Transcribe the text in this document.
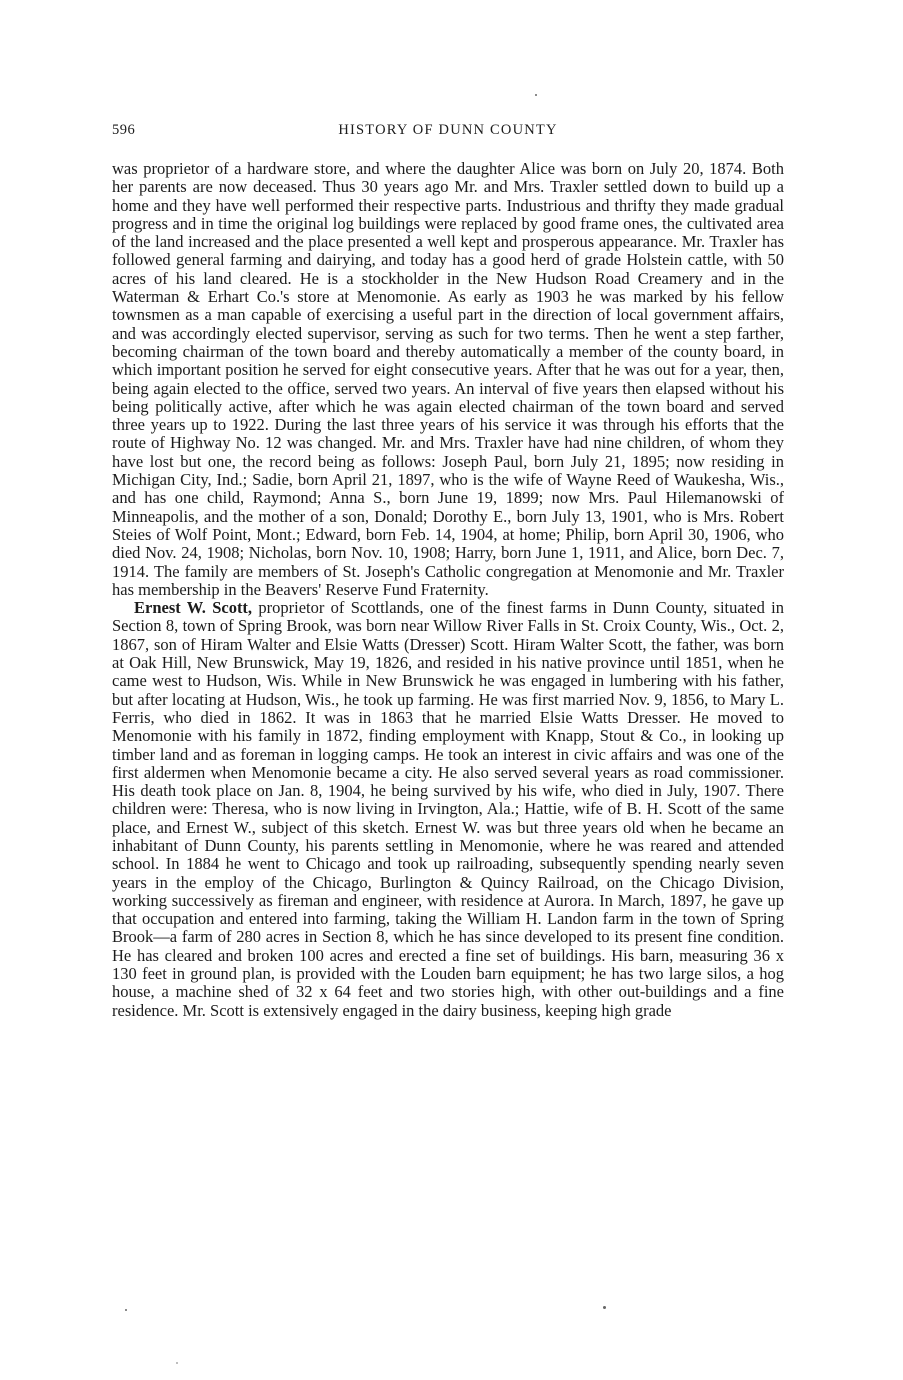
596	HISTORY OF DUNN COUNTY

was proprietor of a hardware store, and where the daughter Alice was born on July 20, 1874. Both her parents are now deceased. Thus 30 years ago Mr. and Mrs. Traxler settled down to build up a home and they have well performed their respective parts. Industrious and thrifty they made gradual progress and in time the original log buildings were replaced by good frame ones, the cultivated area of the land increased and the place presented a well kept and prosperous appearance. Mr. Traxler has followed general farming and dairying, and today has a good herd of grade Holstein cattle, with 50 acres of his land cleared. He is a stockholder in the New Hudson Road Creamery and in the Waterman & Erhart Co.'s store at Menomonie. As early as 1903 he was marked by his fellow townsmen as a man capable of exercising a useful part in the direction of local government affairs, and was accordingly elected supervisor, serving as such for two terms. Then he went a step farther, becoming chairman of the town board and thereby automatically a member of the county board, in which important position he served for eight consecutive years. After that he was out for a year, then, being again elected to the office, served two years. An interval of five years then elapsed without his being politically active, after which he was again elected chairman of the town board and served three years up to 1922. During the last three years of his service it was through his efforts that the route of Highway No. 12 was changed. Mr. and Mrs. Traxler have had nine children, of whom they have lost but one, the record being as follows: Joseph Paul, born July 21, 1895; now residing in Michigan City, Ind.; Sadie, born April 21, 1897, who is the wife of Wayne Reed of Waukesha, Wis., and has one child, Raymond; Anna S., born June 19, 1899; now Mrs. Paul Hilemanowski of Minneapolis, and the mother of a son, Donald; Dorothy E., born July 13, 1901, who is Mrs. Robert Steies of Wolf Point, Mont.; Edward, born Feb. 14, 1904, at home; Philip, born April 30, 1906, who died Nov. 24, 1908; Nicholas, born Nov. 10, 1908; Harry, born June 1, 1911, and Alice, born Dec. 7, 1914. The family are members of St. Joseph's Catholic congregation at Menomonie and Mr. Traxler has membership in the Beavers' Reserve Fund Fraternity.

Ernest W. Scott, proprietor of Scottlands, one of the finest farms in Dunn County, situated in Section 8, town of Spring Brook, was born near Willow River Falls in St. Croix County, Wis., Oct. 2, 1867, son of Hiram Walter and Elsie Watts (Dresser) Scott. Hiram Walter Scott, the father, was born at Oak Hill, New Brunswick, May 19, 1826, and resided in his native province until 1851, when he came west to Hudson, Wis. While in New Brunswick he was engaged in lumbering with his father, but after locating at Hudson, Wis., he took up farming. He was first married Nov. 9, 1856, to Mary L. Ferris, who died in 1862. It was in 1863 that he married Elsie Watts Dresser. He moved to Menomonie with his family in 1872, finding employment with Knapp, Stout & Co., in looking up timber land and as foreman in logging camps. He took an interest in civic affairs and was one of the first aldermen when Menomonie became a city. He also served several years as road commissioner. His death took place on Jan. 8, 1904, he being survived by his wife, who died in July, 1907. There children were: Theresa, who is now living in Irvington, Ala.; Hattie, wife of B. H. Scott of the same place, and Ernest W., subject of this sketch. Ernest W. was but three years old when he became an inhabitant of Dunn County, his parents settling in Menomonie, where he was reared and attended school. In 1884 he went to Chicago and took up railroading, subsequently spending nearly seven years in the employ of the Chicago, Burlington & Quincy Railroad, on the Chicago Division, working successively as fireman and engineer, with residence at Aurora. In March, 1897, he gave up that occupation and entered into farming, taking the William H. Landon farm in the town of Spring Brook—a farm of 280 acres in Section 8, which he has since developed to its present fine condition. He has cleared and broken 100 acres and erected a fine set of buildings. His barn, measuring 36 x 130 feet in ground plan, is provided with the Louden barn equipment; he has two large silos, a hog house, a machine shed of 32 x 64 feet and two stories high, with other out-buildings and a fine residence. Mr. Scott is extensively engaged in the dairy business, keeping high grade
